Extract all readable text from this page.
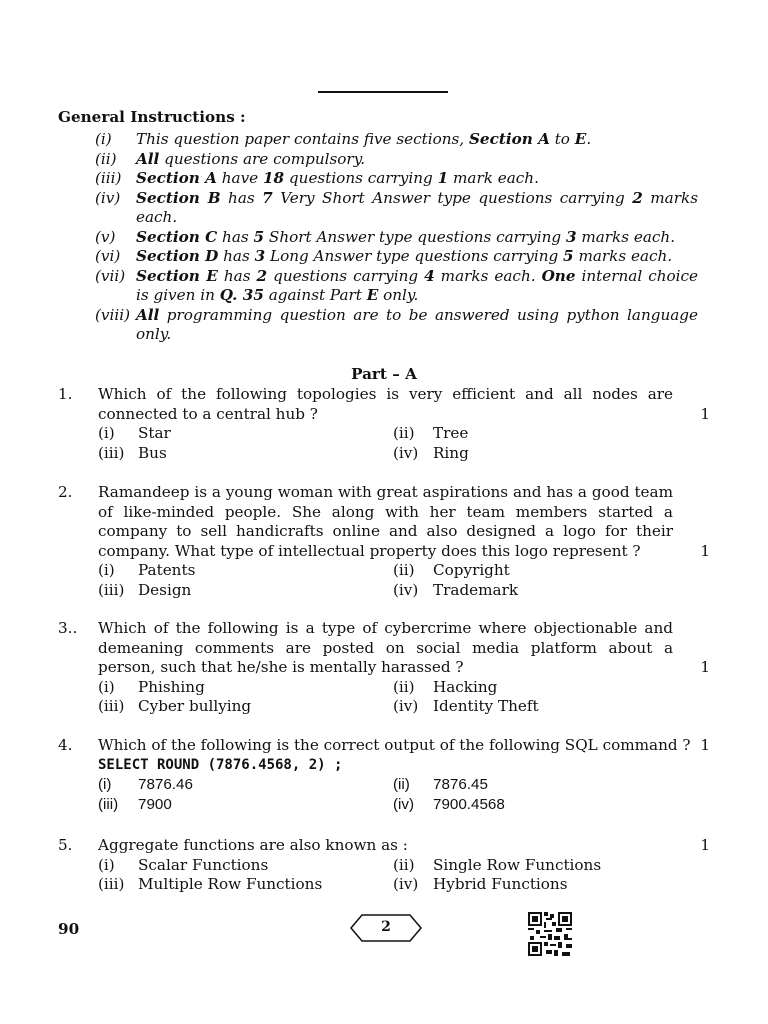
General Instructions :
(i)	This question paper contains five sections, Section A to E.
(ii)	All questions are compulsory.
(iii) Section A have 18 questions carrying 1 mark each.
(iv)	Section B has 7 Very Short Answer type questions carrying 2 marks each.
(v)	Section C has 5 Short Answer type questions carrying 3 marks each.
(vi)	Section D has 3 Long Answer type questions carrying 5 marks each.
(vii) Section E has 2 questions carrying 4 marks each. One internal choice is given in Q. 35 against Part E only.
(viii) All programming question are to be answered using python language only.
Part – A
1. Which of the following topologies is very efficient and all nodes are connected to a central hub ?	1
(i)	Star	(ii)	Tree
(iii) Bus	(iv) Ring
2. Ramandeep is a young woman with great aspirations and has a good team of like-minded people. She along with her team members started a company to sell handicrafts online and also designed a logo for their company. What type of intellectual property does this logo represent ?	1
(i)	Patents	(ii)	Copyright
(iii) Design	(iv) Trademark
3.. Which of the following is a type of cybercrime where objectionable and demeaning comments are posted on social media platform about a person, such that he/she is mentally harassed ?	1
(i)	Phishing	(ii)	Hacking
(iii) Cyber bullying	(iv) Identity Theft
4. Which of the following is the correct output of the following SQL command ? 1
SELECT ROUND (7876.4568, 2) ;
(i)	7876.46	(ii)	7876.45
(iii)	7900	(iv)	7900.4568
5. Aggregate functions are also known as :	1
(i)	Scalar Functions	(ii)	Single Row Functions
(iii) Multiple Row Functions	(iv) Hybrid Functions
90	2
